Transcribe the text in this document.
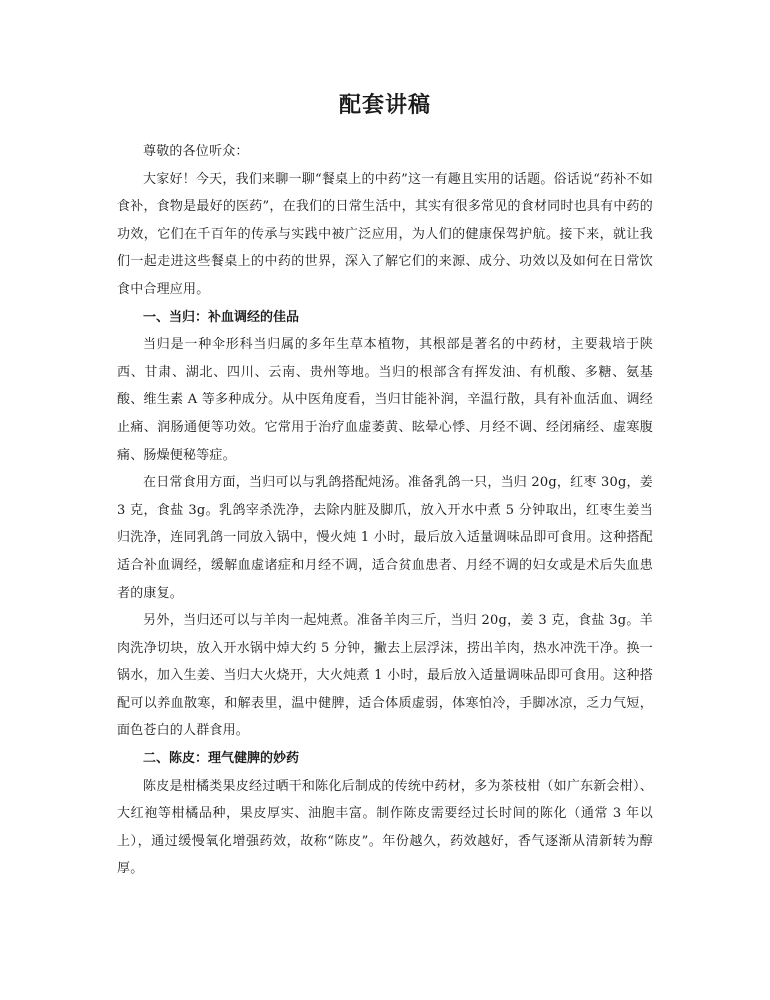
配套讲稿

尊敬的各位听众：

大家好！今天，我们来聊一聊“餐桌上的中药”这一有趣且实用的话题。俗话说“药补不如食补，食物是最好的医药”，在我们的日常生活中，其实有很多常见的食材同时也具有中药的功效，它们在千百年的传承与实践中被广泛应用，为人们的健康保驾护航。接下来，就让我们一起走进这些餐桌上的中药的世界，深入了解它们的来源、成分、功效以及如何在日常饮食中合理应用。

一、当归：补血调经的佳品

当归是一种伞形科当归属的多年生草本植物，其根部是著名的中药材，主要栽培于陕西、甘肃、湖北、四川、云南、贵州等地。当归的根部含有挥发油、有机酸、多糖、氨基酸、维生素 A 等多种成分。从中医角度看，当归甘能补润，辛温行散，具有补血活血、调经止痛、润肠通便等功效。它常用于治疗血虚萎黄、眩晕心悸、月经不调、经闭痛经、虚寒腹痛、肠燥便秘等症。

在日常食用方面，当归可以与乳鸽搭配炖汤。准备乳鸽一只，当归 20g，红枣 30g，姜 3 克，食盐 3g。乳鸽宰杀洗净，去除内脏及脚爪，放入开水中煮 5 分钟取出，红枣生姜当归洗净，连同乳鸽一同放入锅中，慢火炖 1 小时，最后放入适量调味品即可食用。这种搭配适合补血调经，缓解血虚诸症和月经不调，适合贫血患者、月经不调的妇女或是术后失血患者的康复。

另外，当归还可以与羊肉一起炖煮。准备羊肉三斤，当归 20g，姜 3 克，食盐 3g。羊肉洗净切块，放入开水锅中焯大约 5 分钟，撇去上层浮沫，捞出羊肉，热水冲洗干净。换一锅水，加入生姜、当归大火烧开，大火炖煮 1 小时，最后放入适量调味品即可食用。这种搭配可以养血散寒，和解表里，温中健脾，适合体质虚弱，体寒怕冷，手脚冰凉，乏力气短，面色苍白的人群食用。

二、陈皮：理气健脾的妙药

陈皮是柑橘类果皮经过晒干和陈化后制成的传统中药材，多为茶枝柑（如广东新会柑）、大红袍等柑橘品种，果皮厚实、油胞丰富。制作陈皮需要经过长时间的陈化（通常 3 年以上），通过缓慢氧化增强药效，故称“陈皮”。年份越久，药效越好，香气逐渐从清新转为醇厚。
